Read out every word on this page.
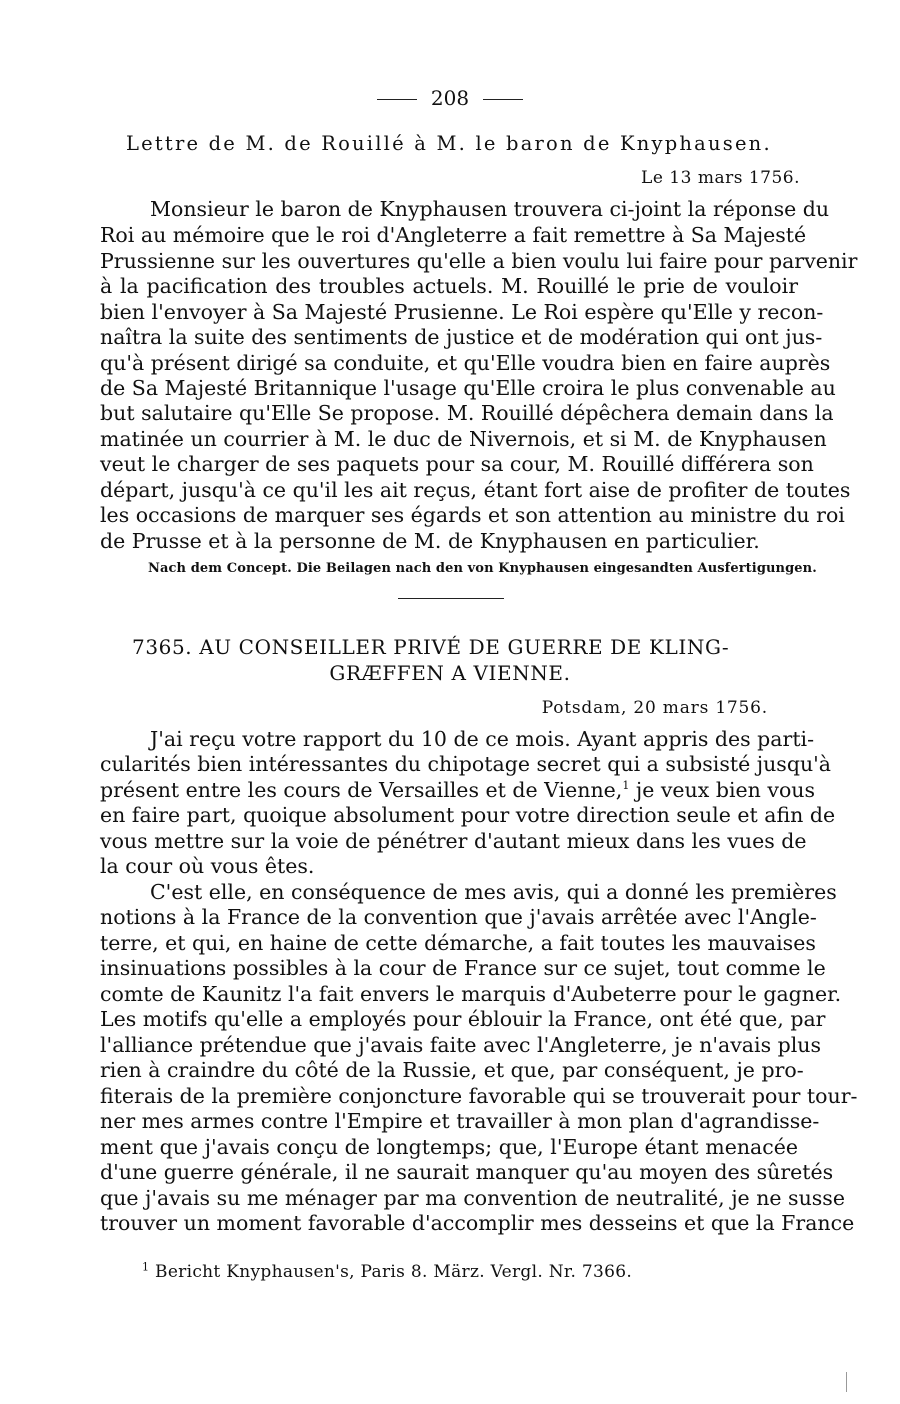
208
Lettre de M. de Rouillé à M. le baron de Knyphausen.
Le 13 mars 1756.
Monsieur le baron de Knyphausen trouvera ci-joint la réponse du
Roi au mémoire que le roi d'Angleterre a fait remettre à Sa Majesté
Prussienne sur les ouvertures qu'elle a bien voulu lui faire pour parvenir
à la pacification des troubles actuels. M. Rouillé le prie de vouloir
bien l'envoyer à Sa Majesté Prusienne. Le Roi espère qu'Elle y recon-
naîtra la suite des sentiments de justice et de modération qui ont jus-
qu'à présent dirigé sa conduite, et qu'Elle voudra bien en faire auprès
de Sa Majesté Britannique l'usage qu'Elle croira le plus convenable au
but salutaire qu'Elle Se propose. M. Rouillé dépêchera demain dans la
matinée un courrier à M. le duc de Nivernois, et si M. de Knyphausen
veut le charger de ses paquets pour sa cour, M. Rouillé différera son
départ, jusqu'à ce qu'il les ait reçus, étant fort aise de profiter de toutes
les occasions de marquer ses égards et son attention au ministre du roi
de Prusse et à la personne de M. de Knyphausen en particulier.
Nach dem Concept. Die Beilagen nach den von Knyphausen eingesandten Ausfertigungen.
7365. AU CONSEILLER PRIVÉ DE GUERRE DE KLING-
GRÆFFEN A VIENNE.
Potsdam, 20 mars 1756.
J'ai reçu votre rapport du 10 de ce mois. Ayant appris des parti-
cularités bien intéressantes du chipotage secret qui a subsisté jusqu'à
présent entre les cours de Versailles et de Vienne,$^1$ je veux bien vous
en faire part, quoique absolument pour votre direction seule et afin de
vous mettre sur la voie de pénétrer d'autant mieux dans les vues de
la cour où vous êtes.
C'est elle, en conséquence de mes avis, qui a donné les premières
notions à la France de la convention que j'avais arrêtée avec l'Angle-
terre, et qui, en haine de cette démarche, a fait toutes les mauvaises
insinuations possibles à la cour de France sur ce sujet, tout comme le
comte de Kaunitz l'a fait envers le marquis d'Aubeterre pour le gagner.
Les motifs qu'elle a employés pour éblouir la France, ont été que, par
l'alliance prétendue que j'avais faite avec l'Angleterre, je n'avais plus
rien à craindre du côté de la Russie, et que, par conséquent, je pro-
fiterais de la première conjoncture favorable qui se trouverait pour tour-
ner mes armes contre l'Empire et travailler à mon plan d'agrandisse-
ment que j'avais conçu de longtemps; que, l'Europe étant menacée
d'une guerre générale, il ne saurait manquer qu'au moyen des sûretés
que j'avais su me ménager par ma convention de neutralité, je ne susse
trouver un moment favorable d'accomplir mes desseins et que la France
$^1$ Bericht Knyphausen's, Paris 8. März. Vergl. Nr. 7366.
